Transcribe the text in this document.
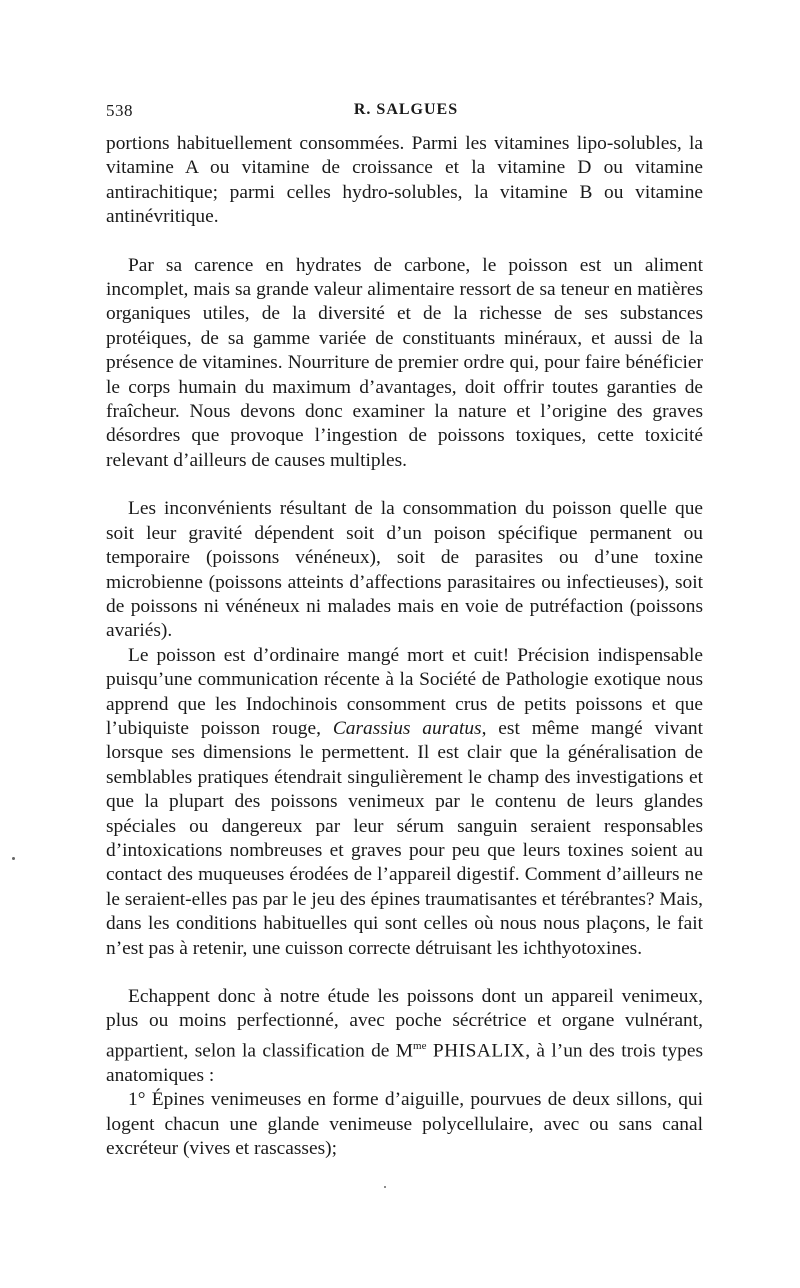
538	R. SALGUES

portions habituellement consommées. Parmi les vitamines lipo-solubles, la vitamine A ou vitamine de croissance et la vitamine D ou vitamine antirachitique; parmi celles hydro-solubles, la vitamine B ou vitamine antinévritique.

Par sa carence en hydrates de carbone, le poisson est un aliment incomplet, mais sa grande valeur alimentaire ressort de sa teneur en matières organiques utiles, de la diversité et de la richesse de ses substances protéiques, de sa gamme variée de constituants minéraux, et aussi de la présence de vitamines. Nourriture de premier ordre qui, pour faire bénéficier le corps humain du maximum d’avantages, doit offrir toutes garanties de fraîcheur. Nous devons donc examiner la nature et l’origine des graves désordres que provoque l’ingestion de poissons toxiques, cette toxicité relevant d’ailleurs de causes multiples.

Les inconvénients résultant de la consommation du poisson quelle que soit leur gravité dépendent soit d’un poison spécifique permanent ou temporaire (poissons vénéneux), soit de parasites ou d’une toxine microbienne (poissons atteints d’affections parasitaires ou infectieuses), soit de poissons ni vénéneux ni malades mais en voie de putréfaction (poissons avariés).

Le poisson est d’ordinaire mangé mort et cuit! Précision indispensable puisqu’une communication récente à la Société de Pathologie exotique nous apprend que les Indochinois consomment crus de petits poissons et que l’ubiquiste poisson rouge, Carassius auratus, est même mangé vivant lorsque ses dimensions le permettent. Il est clair que la généralisation de semblables pratiques étendrait singulièrement le champ des investigations et que la plupart des poissons venimeux par le contenu de leurs glandes spéciales ou dangereux par leur sérum sanguin seraient responsables d’intoxications nombreuses et graves pour peu que leurs toxines soient au contact des muqueuses érodées de l’appareil digestif. Comment d’ailleurs ne le seraient-elles pas par le jeu des épines traumatisantes et térébrantes? Mais, dans les conditions habituelles qui sont celles où nous nous plaçons, le fait n’est pas à retenir, une cuisson correcte détruisant les ichthyotoxines.

Echappent donc à notre étude les poissons dont un appareil venimeux, plus ou moins perfectionné, avec poche sécrétrice et organe vulnérant, appartient, selon la classification de $M^{me}$ PHISALIX, à l’un des trois types anatomiques :

1° Épines venimeuses en forme d’aiguille, pourvues de deux sillons, qui logent chacun une glande venimeuse polycellulaire, avec ou sans canal excréteur (vives et rascasses);
